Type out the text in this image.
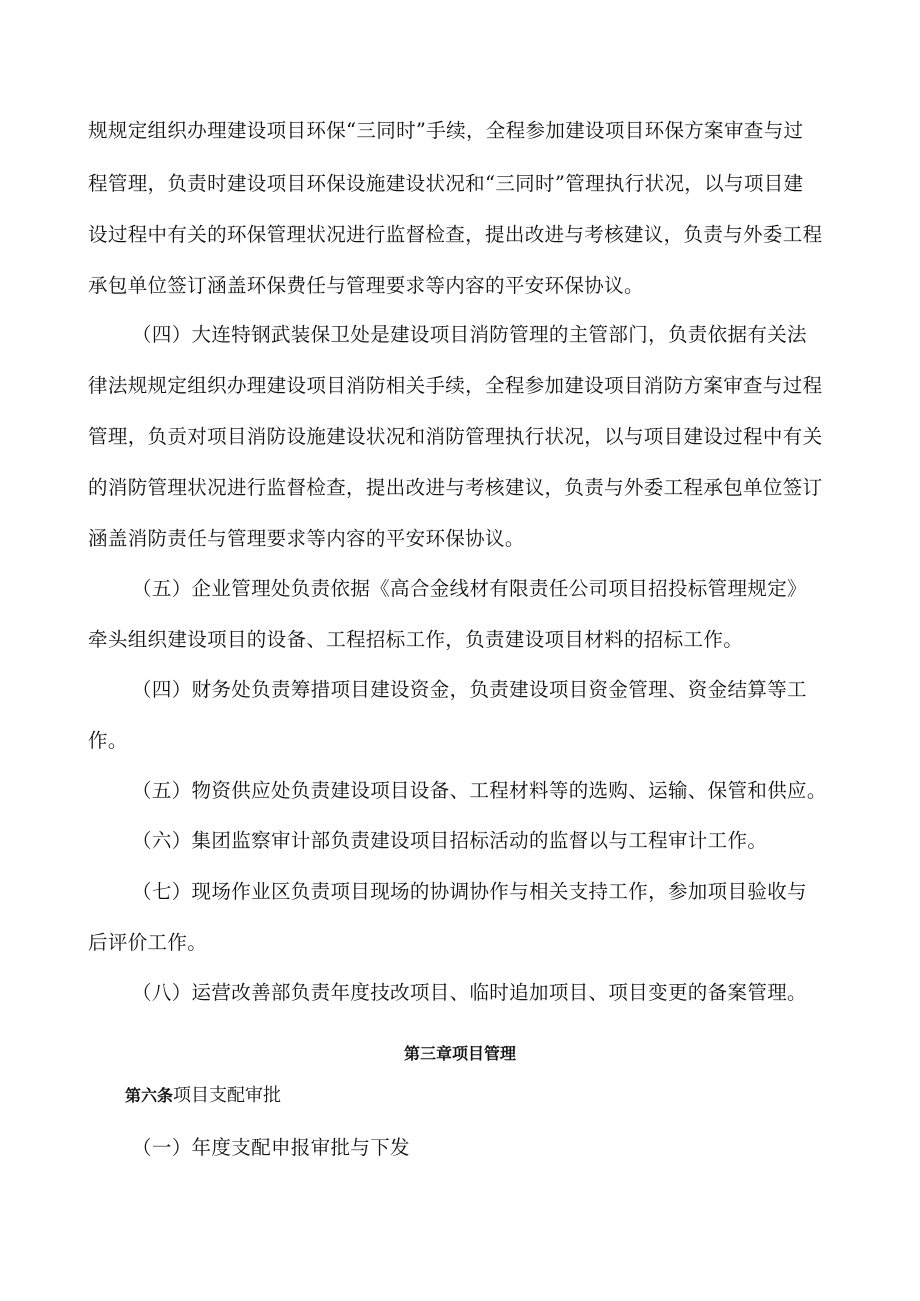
规规定组织办理建设项目环保“三同时”手续，全程参加建设项目环保方案审查与过
程管理，负责时建设项目环保设施建设状况和“三同时”管理执行状况，以与项目建
设过程中有关的环保管理状况进行监督检查，提出改进与考核建议，负责与外委工程
承包单位签订涵盖环保费任与管理要求等内容的平安环保协议。
（四）大连特钢武装保卫处是建设项目消防管理的主管部门，负责依据有关法
律法规规定组织办理建设项目消防相关手续，全程参加建设项目消防方案审查与过程
管理，负贡对项目消防设施建设状况和消防管理执行状况，以与项目建设过程中有关
的消防管理状况进行监督检查，提出改进与考核建议，负责与外委工程承包单位签订
涵盖消防责任与管理要求等内容的平安环保协议。
（五）企业管理处负责依据《高合金线材有限责任公司项目招投标管理规定》
牵头组织建设项目的设备、工程招标工作，负责建设项目材料的招标工作。
（四）财务处负责筹措项目建设资金，负责建设项目资金管理、资金结算等工
作。
（五）物资供应处负责建设项目设备、工程材料等的选购、运输、保管和供应。
（六）集团监察审计部负责建设项目招标活动的监督以与工程审计工作。
（七）现场作业区负责项目现场的协调协作与相关支持工作，参加项目验收与
后评价工作。
（八）运营改善部负责年度技改项目、临时追加项目、项目变更的备案管理。
第三章项目管理
第六条项目支配审批
（一）年度支配申报审批与下发
